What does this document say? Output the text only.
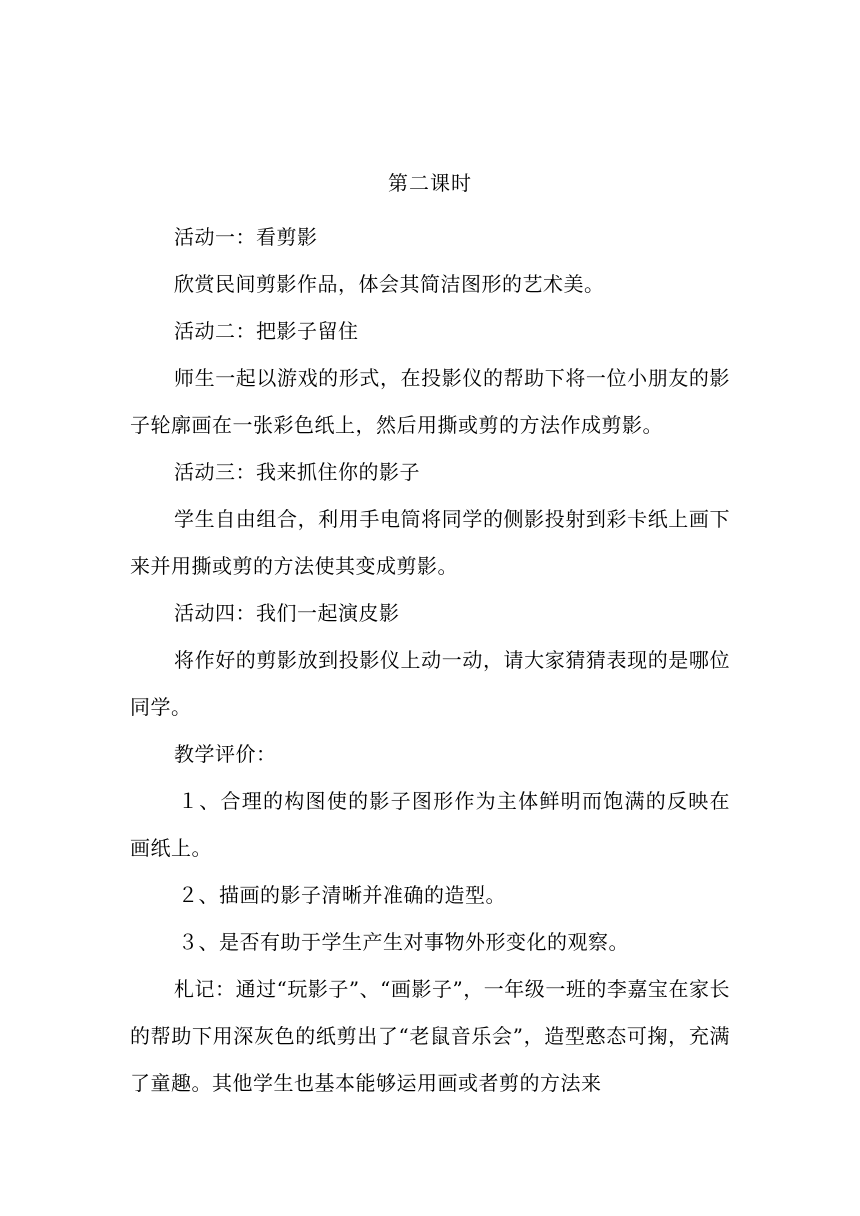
第二课时

活动一：看剪影

欣赏民间剪影作品，体会其简洁图形的艺术美。

活动二：把影子留住

师生一起以游戏的形式，在投影仪的帮助下将一位小朋友的影子轮廓画在一张彩色纸上，然后用撕或剪的方法作成剪影。

活动三：我来抓住你的影子

学生自由组合，利用手电筒将同学的侧影投射到彩卡纸上画下来并用撕或剪的方法使其变成剪影。

活动四：我们一起演皮影

将作好的剪影放到投影仪上动一动，请大家猜猜表现的是哪位同学。

教学评价：

１、合理的构图使的影子图形作为主体鲜明而饱满的反映在画纸上。

２、描画的影子清晰并准确的造型。

３、是否有助于学生产生对事物外形变化的观察。

札记：通过“玩影子”、“画影子”，一年级一班的李嘉宝在家长的帮助下用深灰色的纸剪出了“老鼠音乐会”，造型憨态可掬，充满了童趣。其他学生也基本能够运用画或者剪的方法来
